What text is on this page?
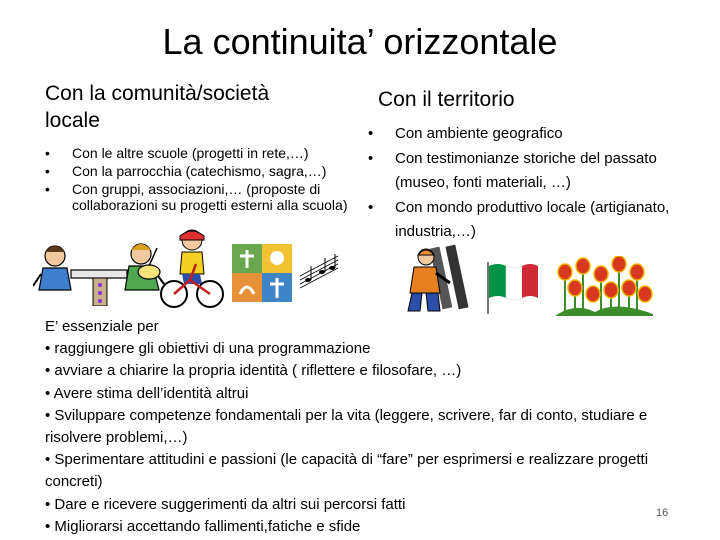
La continuita’ orizzontale
Con la comunità/società
locale
• Con le altre scuole (progetti in rete,…)
• Con la parrocchia (catechismo, sagra,…)
• Con gruppi, associazioni,… (proposte di collaborazioni su progetti esterni alla scuola)
Con il territorio
• Con ambiente geografico
• Con testimonianze storiche del passato (museo, fonti materiali, …)
• Con mondo produttivo locale (artigianato, industria,…)
E’ essenziale per
• raggiungere gli obiettivi di una programmazione
• avviare a chiarire la propria identità ( riflettere e filosofare, …)
• Avere stima dell’identità altrui
• Sviluppare competenze fondamentali per la vita (leggere, scrivere, far di conto, studiare e risolvere problemi,…)
• Sperimentare attitudini e passioni (le capacità di “fare” per esprimersi e realizzare progetti concreti)
• Dare e ricevere suggerimenti da altri sui percorsi fatti
• Migliorarsi accettando fallimenti,fatiche e sfide
16
